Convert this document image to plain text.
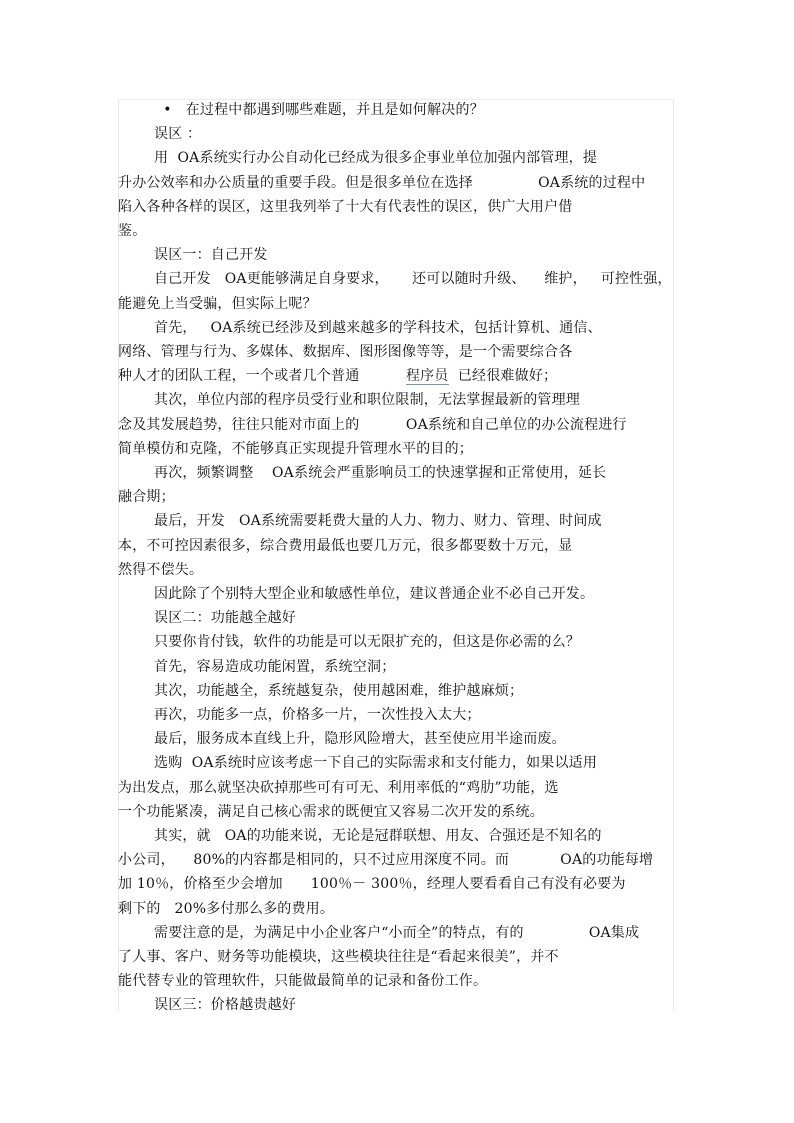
•   在过程中都遇到哪些难题，并且是如何解决的？
误区 ：
用  OA系统实行办公自动化已经成为很多企事业单位加强内部管理，提
升办公效率和办公质量的重要手段。但是很多单位在选择              OA系统的过程中
陷入各种各样的误区，这里我列举了十大有代表性的误区，供广大用户借
鉴。
误区一：自己开发
自己开发   OA更能够满足自身要求，     还可以随时升级、    维护，   可控性强，
能避免上当受骗，但实际上呢？
首先，   OA系统已经涉及到越来越多的学科技术，包括计算机、通信、
网络、管理与行为、多媒体、数据库、图形图像等等，是一个需要综合各
种人才的团队工程，一个或者几个普通          程序员  已经很难做好；
其次，单位内部的程序员受行业和职位限制，无法掌握最新的管理理
念及其发展趋势，往往只能对市面上的          OA系统和自己单位的办公流程进行
简单模仿和克隆，不能够真正实现提升管理水平的目的；
再次，频繁调整    OA系统会严重影响员工的快速掌握和正常使用，延长
融合期；
最后，开发   OA系统需要耗费大量的人力、物力、财力、管理、时间成
本，不可控因素很多，综合费用最低也要几万元，很多都要数十万元，显
然得不偿失。
因此除了个别特大型企业和敏感性单位，建议普通企业不必自己开发。
误区二：功能越全越好
只要你肯付钱，软件的功能是可以无限扩充的，但这是你必需的么？
首先，容易造成功能闲置，系统空洞；
其次，功能越全，系统越复杂，使用越困难，维护越麻烦；
再次，功能多一点，价格多一片，一次性投入太大；
最后，服务成本直线上升，隐形风险增大，甚至使应用半途而废。
选购  OA系统时应该考虑一下自己的实际需求和支付能力，如果以适用
为出发点，那么就坚决砍掉那些可有可无、利用率低的“鸡肋”功能，选
一个功能紧凑，满足自己核心需求的既便宜又容易二次开发的系统。
其实，就   OA的功能来说，无论是冠群联想、用友、合强还是不知名的
小公司，    80%的内容都是相同的，只不过应用深度不同。而           OA的功能每增
加 10％，价格至少会增加      100％－ 300％，经理人要看看自己有没有必要为
剩下的   20%多付那么多的费用。
需要注意的是，为满足中小企业客户“小而全”的特点，有的              OA集成
了人事、客户、财务等功能模块，这些模块往往是“看起来很美”，并不
能代替专业的管理软件，只能做最简单的记录和备份工作。
误区三：价格越贵越好
